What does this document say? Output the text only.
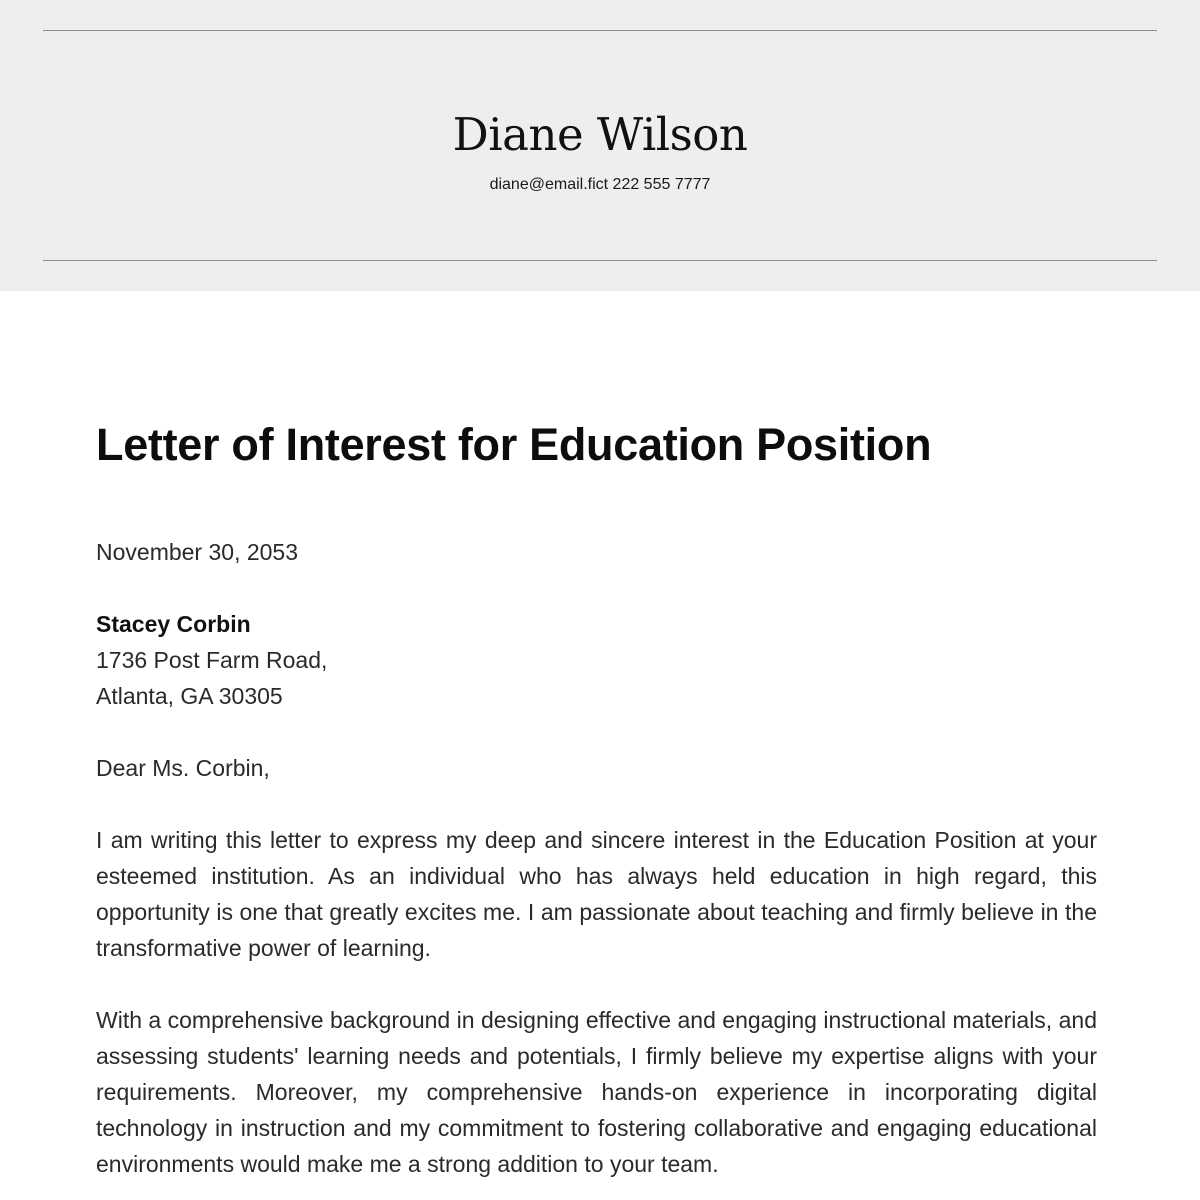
Diane Wilson
diane@email.fict 222 555 7777
Letter of Interest for Education Position

November 30, 2053

Stacey Corbin
1736 Post Farm Road,
Atlanta, GA 30305
Dear Ms. Corbin,

I am writing this letter to express my deep and sincere interest in the Education Position at your esteemed institution. As an individual who has always held education in high regard, this opportunity is one that greatly excites me. I am passionate about teaching and firmly believe in the transformative power of learning.

With a comprehensive background in designing effective and engaging instructional materials, and assessing students' learning needs and potentials, I firmly believe my expertise aligns with your requirements. Moreover, my comprehensive hands-on experience in incorporating digital technology in instruction and my commitment to fostering collaborative and engaging educational environments would make me a strong addition to your team.
